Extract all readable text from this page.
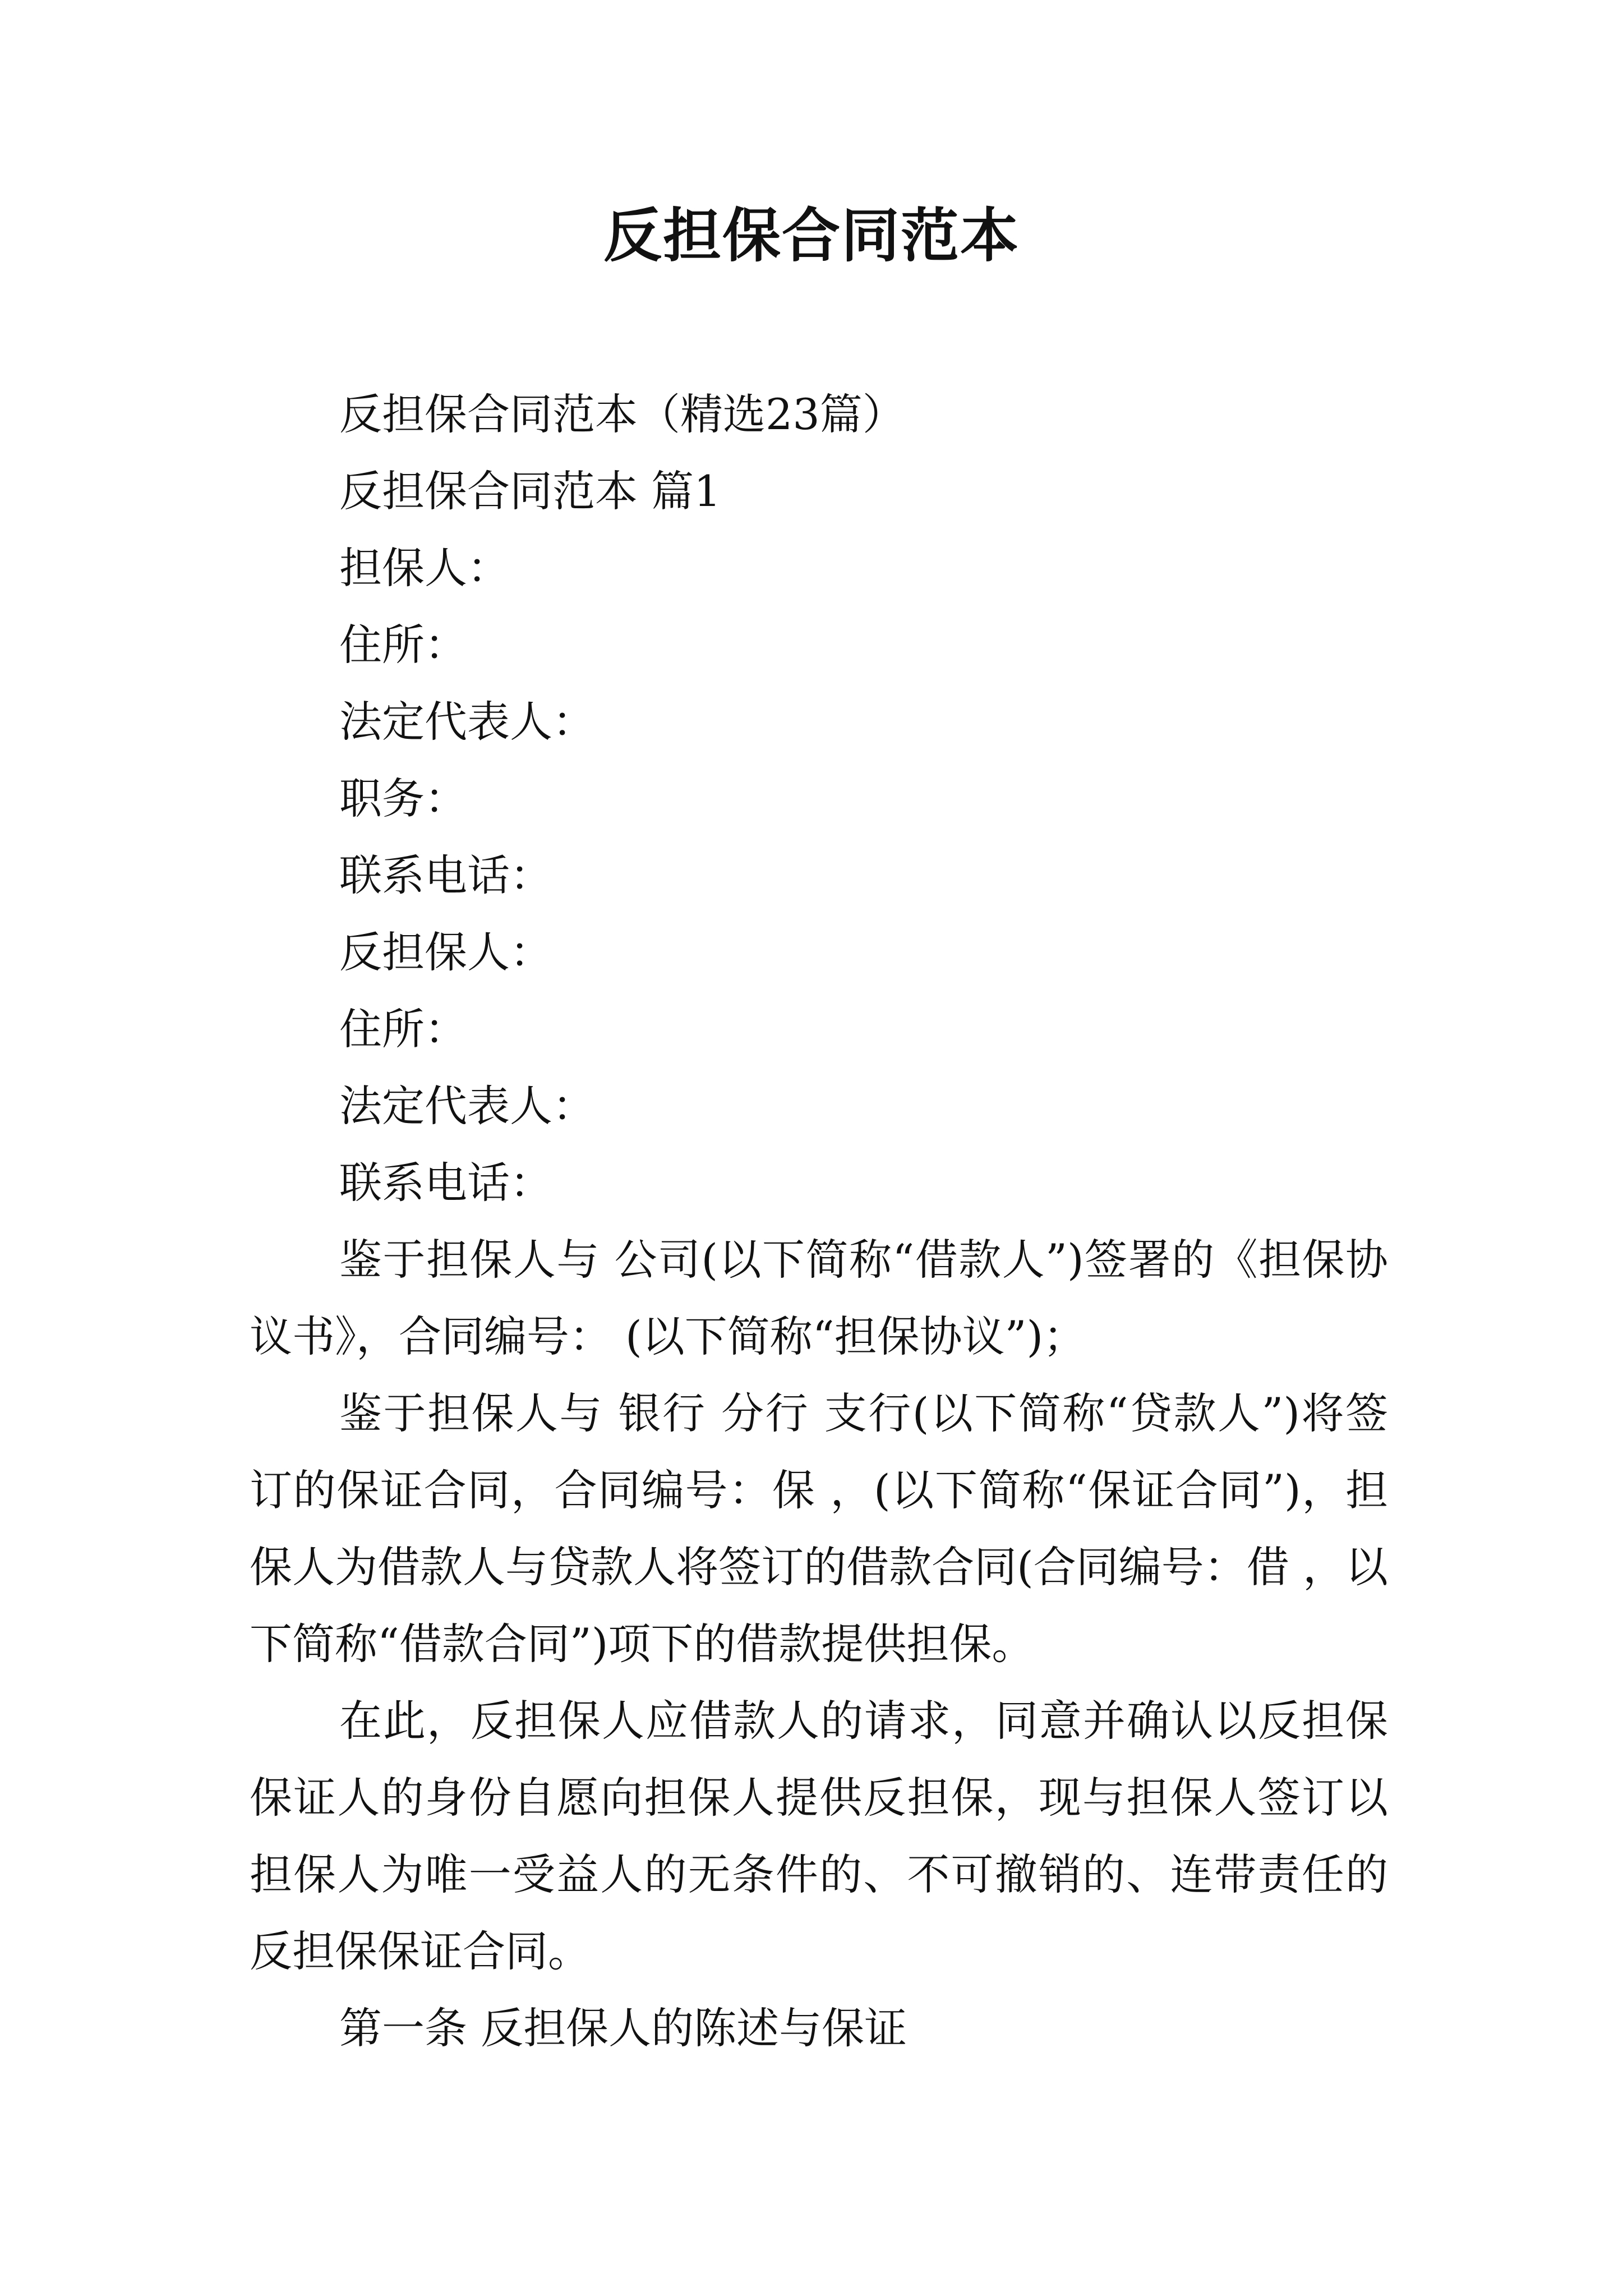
反担保合同范本

反担保合同范本（精选23篇）

反担保合同范本 篇1

担保人：

住所：

法定代表人：

职务：

联系电话：

反担保人：

住所：

法定代表人：

联系电话：

鉴于担保人与 公司(以下简称“借款人”)签署的《担保协议书》，合同编号： (以下简称“担保协议”)；

鉴于担保人与 银行 分行 支行(以下简称“贷款人”)将签订的保证合同，合同编号：保 ，(以下简称“保证合同”)，担保人为借款人与贷款人将签订的借款合同(合同编号：借 ，以下简称“借款合同”)项下的借款提供担保。

在此，反担保人应借款人的请求，同意并确认以反担保保证人的身份自愿向担保人提供反担保，现与担保人签订以担保人为唯一受益人的无条件的、不可撤销的、连带责任的反担保保证合同。

第一条 反担保人的陈述与保证
